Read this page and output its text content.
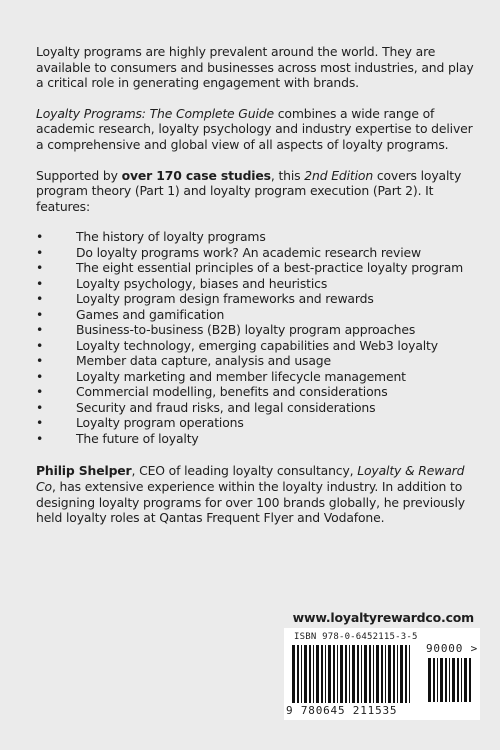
Loyalty programs are highly prevalent around the world. They are available to consumers and businesses across most industries, and play a critical role in generating engagement with brands.

Loyalty Programs: The Complete Guide combines a wide range of academic research, loyalty psychology and industry expertise to deliver a comprehensive and global view of all aspects of loyalty programs.

Supported by over 170 case studies, this 2nd Edition covers loyalty program theory (Part 1) and loyalty program execution (Part 2). It features:

•	The history of loyalty programs
•	Do loyalty programs work? An academic research review
•	The eight essential principles of a best-practice loyalty program
•	Loyalty psychology, biases and heuristics
•	Loyalty program design frameworks and rewards
•	Games and gamification
•	Business-to-business (B2B) loyalty program approaches
•	Loyalty technology, emerging capabilities and Web3 loyalty
•	Member data capture, analysis and usage
•	Loyalty marketing and member lifecycle management
•	Commercial modelling, benefits and considerations
•	Security and fraud risks, and legal considerations
•	Loyalty program operations
•	The future of loyalty

Philip Shelper, CEO of leading loyalty consultancy, Loyalty & Reward Co, has extensive experience within the loyalty industry. In addition to designing loyalty programs for over 100 brands globally, he previously held loyalty roles at Qantas Frequent Flyer and Vodafone.

www.loyaltyrewardco.com
ISBN 978-0-6452115-3-5
9 780645 211535
90000 >
